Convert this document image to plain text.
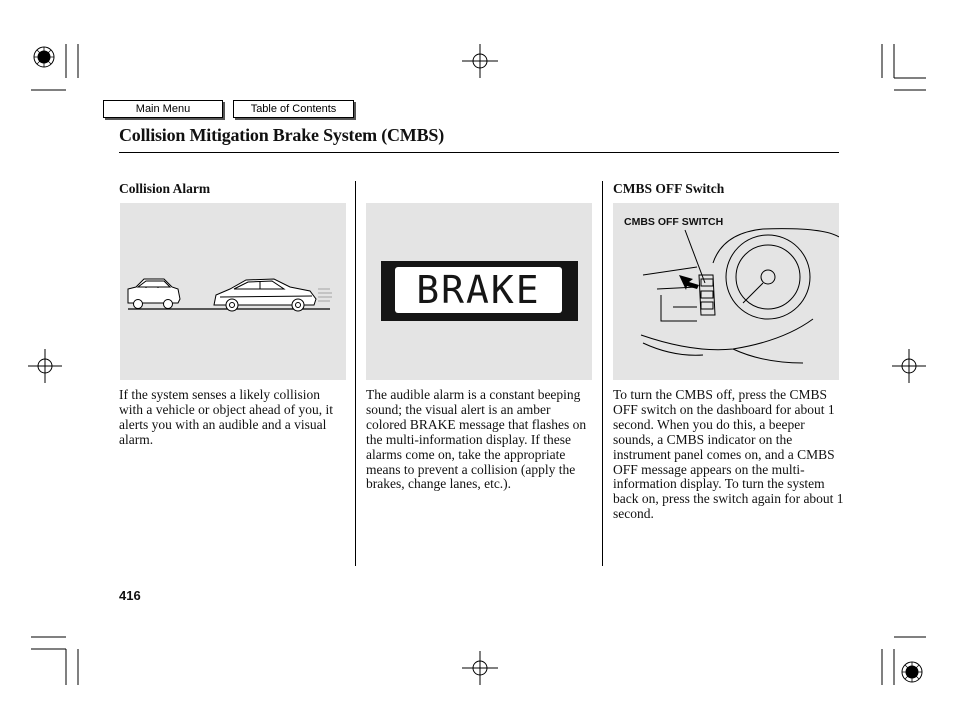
Main Menu	Table of Contents
Collision Mitigation Brake System (CMBS)
Collision Alarm
If the system senses a likely collision with a vehicle or object ahead of you, it alerts you with an audible and a visual alarm.
BRAKE
The audible alarm is a constant beeping sound; the visual alert is an amber colored BRAKE message that flashes on the multi-information display. If these alarms come on, take the appropriate means to prevent a collision (apply the brakes, change lanes, etc.).
CMBS OFF Switch
CMBS OFF SWITCH
To turn the CMBS off, press the CMBS OFF switch on the dashboard for about 1 second. When you do this, a beeper sounds, a CMBS indicator on the instrument panel comes on, and a CMBS OFF message appears on the multi-information display. To turn the system back on, press the switch again for about 1 second.
416
